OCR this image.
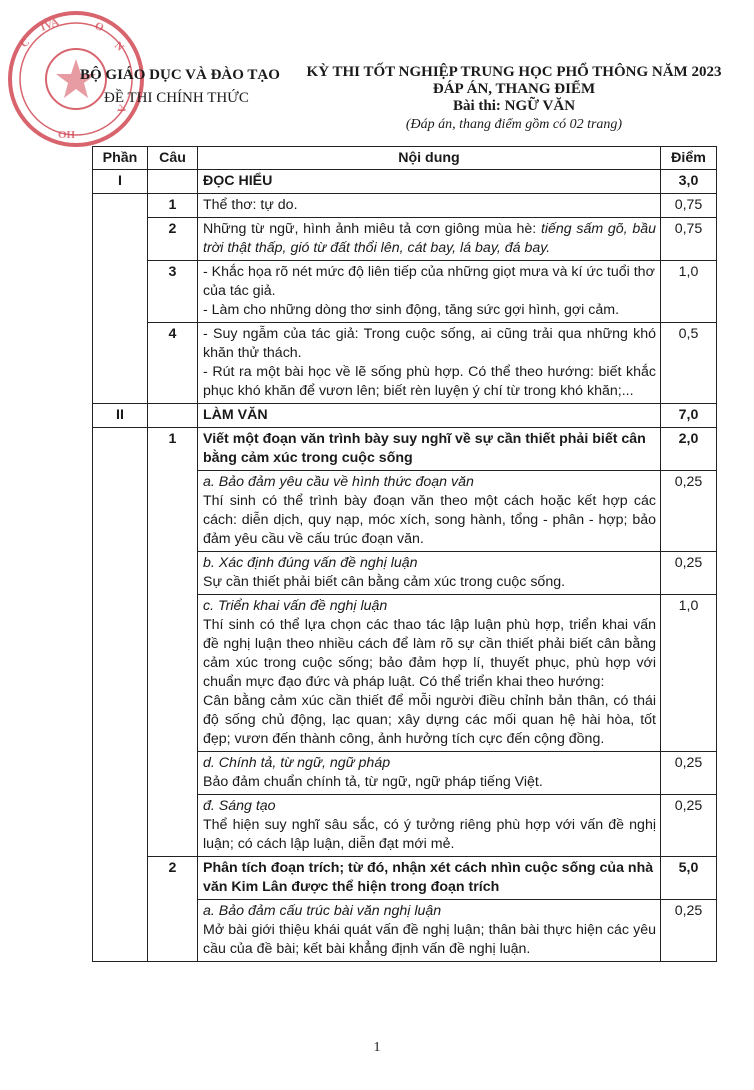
C
IVA	O
N
A
OH
BỘ GIÁO DỤC VÀ ĐÀO TẠO
ĐỀ THI CHÍNH THỨC
KỲ THI TỐT NGHIỆP TRUNG HỌC PHỔ THÔNG NĂM 2023
ĐÁP ÁN, THANG ĐIỂM
Bài thi: NGỮ VĂN
(Đáp án, thang điểm gồm có 02 trang)
Phần	Câu	Nội dung	Điểm
I		ĐỌC HIỂU	3,0
	1	Thể thơ: tự do.	0,75
	2	Những từ ngữ, hình ảnh miêu tả cơn giông mùa hè: tiếng sấm gõ, bầu trời thật thấp, gió từ đất thổi lên, cát bay, lá bay, đá bay.	0,75
	3	- Khắc họa rõ nét mức độ liên tiếp của những giọt mưa và kí ức tuổi thơ của tác giả.
- Làm cho những dòng thơ sinh động, tăng sức gợi hình, gợi cảm.	1,0
	4	- Suy ngẫm của tác giả: Trong cuộc sống, ai cũng trải qua những khó khăn thử thách.
- Rút ra một bài học về lẽ sống phù hợp. Có thể theo hướng: biết khắc phục khó khăn để vươn lên; biết rèn luyện ý chí từ trong khó khăn;...	0,5
II		LÀM VĂN	7,0
	1	Viết một đoạn văn trình bày suy nghĩ về sự cần thiết phải biết cân bằng cảm xúc trong cuộc sống	2,0

		a. Bảo đảm yêu cầu về hình thức đoạn văn
Thí sinh có thể trình bày đoạn văn theo một cách hoặc kết hợp các cách: diễn dịch, quy nạp, móc xích, song hành, tổng - phân - hợp; bảo đảm yêu cầu về cấu trúc đoạn văn.	0,25

		b. Xác định đúng vấn đề nghị luận
Sự cần thiết phải biết cân bằng cảm xúc trong cuộc sống.	0,25

		c. Triển khai vấn đề nghị luận
Thí sinh có thể lựa chọn các thao tác lập luận phù hợp, triển khai vấn đề nghị luận theo nhiều cách để làm rõ sự cần thiết phải biết cân bằng cảm xúc trong cuộc sống; bảo đảm hợp lí, thuyết phục, phù hợp với chuẩn mực đạo đức và pháp luật. Có thể triển khai theo hướng:
Cân bằng cảm xúc cần thiết để mỗi người điều chỉnh bản thân, có thái độ sống chủ động, lạc quan; xây dựng các mối quan hệ hài hòa, tốt đẹp; vươn đến thành công, ảnh hưởng tích cực đến cộng đồng.	1,0

		d. Chính tả, từ ngữ, ngữ pháp
Bảo đảm chuẩn chính tả, từ ngữ, ngữ pháp tiếng Việt.	0,25

		đ. Sáng tạo
Thể hiện suy nghĩ sâu sắc, có ý tưởng riêng phù hợp với vấn đề nghị luận; có cách lập luận, diễn đạt mới mẻ.	0,25
	2	Phân tích đoạn trích; từ đó, nhận xét cách nhìn cuộc sống của nhà văn Kim Lân được thể hiện trong đoạn trích	5,0

		a. Bảo đảm cấu trúc bài văn nghị luận
Mở bài giới thiệu khái quát vấn đề nghị luận; thân bài thực hiện các yêu cầu của đề bài; kết bài khẳng định vấn đề nghị luận.	0,25
1
